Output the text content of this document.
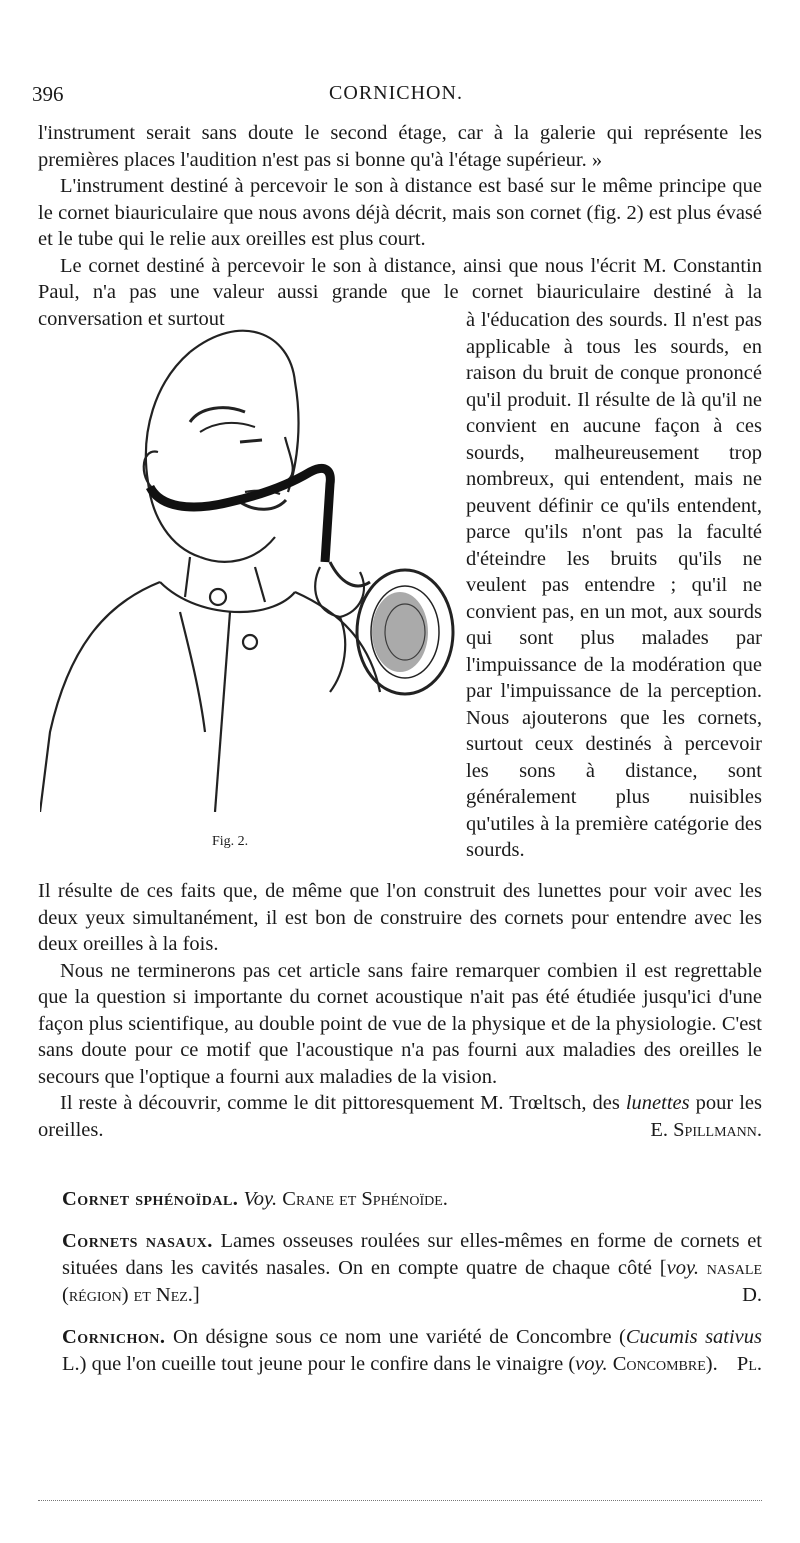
396	CORNICHON.

l'instrument serait sans doute le second étage, car à la galerie qui représente les premières places l'audition n'est pas si bonne qu'à l'étage supérieur. »

L'instrument destiné à percevoir le son à distance est basé sur le même principe que le cornet biauriculaire que nous avons déjà décrit, mais son cornet (fig. 2) est plus évasé et le tube qui le relie aux oreilles est plus court.

Le cornet destiné à percevoir le son à distance, ainsi que nous l'écrit M. Constantin Paul, n'a pas une valeur aussi grande que le cornet biauriculaire destiné à la conversation et surtout

Fig. 2.

à l'éducation des sourds. Il n'est pas applicable à tous les sourds, en raison du bruit de conque prononcé qu'il produit. Il résulte de là qu'il ne convient en aucune façon à ces sourds, malheureusement trop nombreux, qui entendent, mais ne peuvent définir ce qu'ils entendent, parce qu'ils n'ont pas la faculté d'éteindre les bruits qu'ils ne veulent pas entendre ; qu'il ne convient pas, en un mot, aux sourds qui sont plus malades par l'impuissance de la modération que par l'impuissance de la perception. Nous ajouterons que les cornets, surtout ceux destinés à percevoir les sons à distance, sont généralement plus nuisibles qu'utiles à la première catégorie des sourds.

Il résulte de ces faits que, de même que l'on construit des lunettes pour voir avec les deux yeux simultanément, il est bon de construire des cornets pour entendre avec les deux oreilles à la fois.

Nous ne terminerons pas cet article sans faire remarquer combien il est regrettable que la question si importante du cornet acoustique n'ait pas été étudiée jusqu'ici d'une façon plus scientifique, au double point de vue de la physique et de la physiologie. C'est sans doute pour ce motif que l'acoustique n'a pas fourni aux maladies des oreilles le secours que l'optique a fourni aux maladies de la vision.

Il reste à découvrir, comme le dit pittoresquement M. Trœltsch, des lunettes pour les oreilles.	E. Spillmann.

Cornet sphénoïdal. Voy. Crane et Sphénoïde.

Cornets nasaux. Lames osseuses roulées sur elles-mêmes en forme de cornets et situées dans les cavités nasales. On en compte quatre de chaque côté [voy. nasale (région) et Nez.]	D.

Cornichon. On désigne sous ce nom une variété de Concombre (Cucumis sativus L.) que l'on cueille tout jeune pour le confire dans le vinaigre (voy. Concombre). Pl.
